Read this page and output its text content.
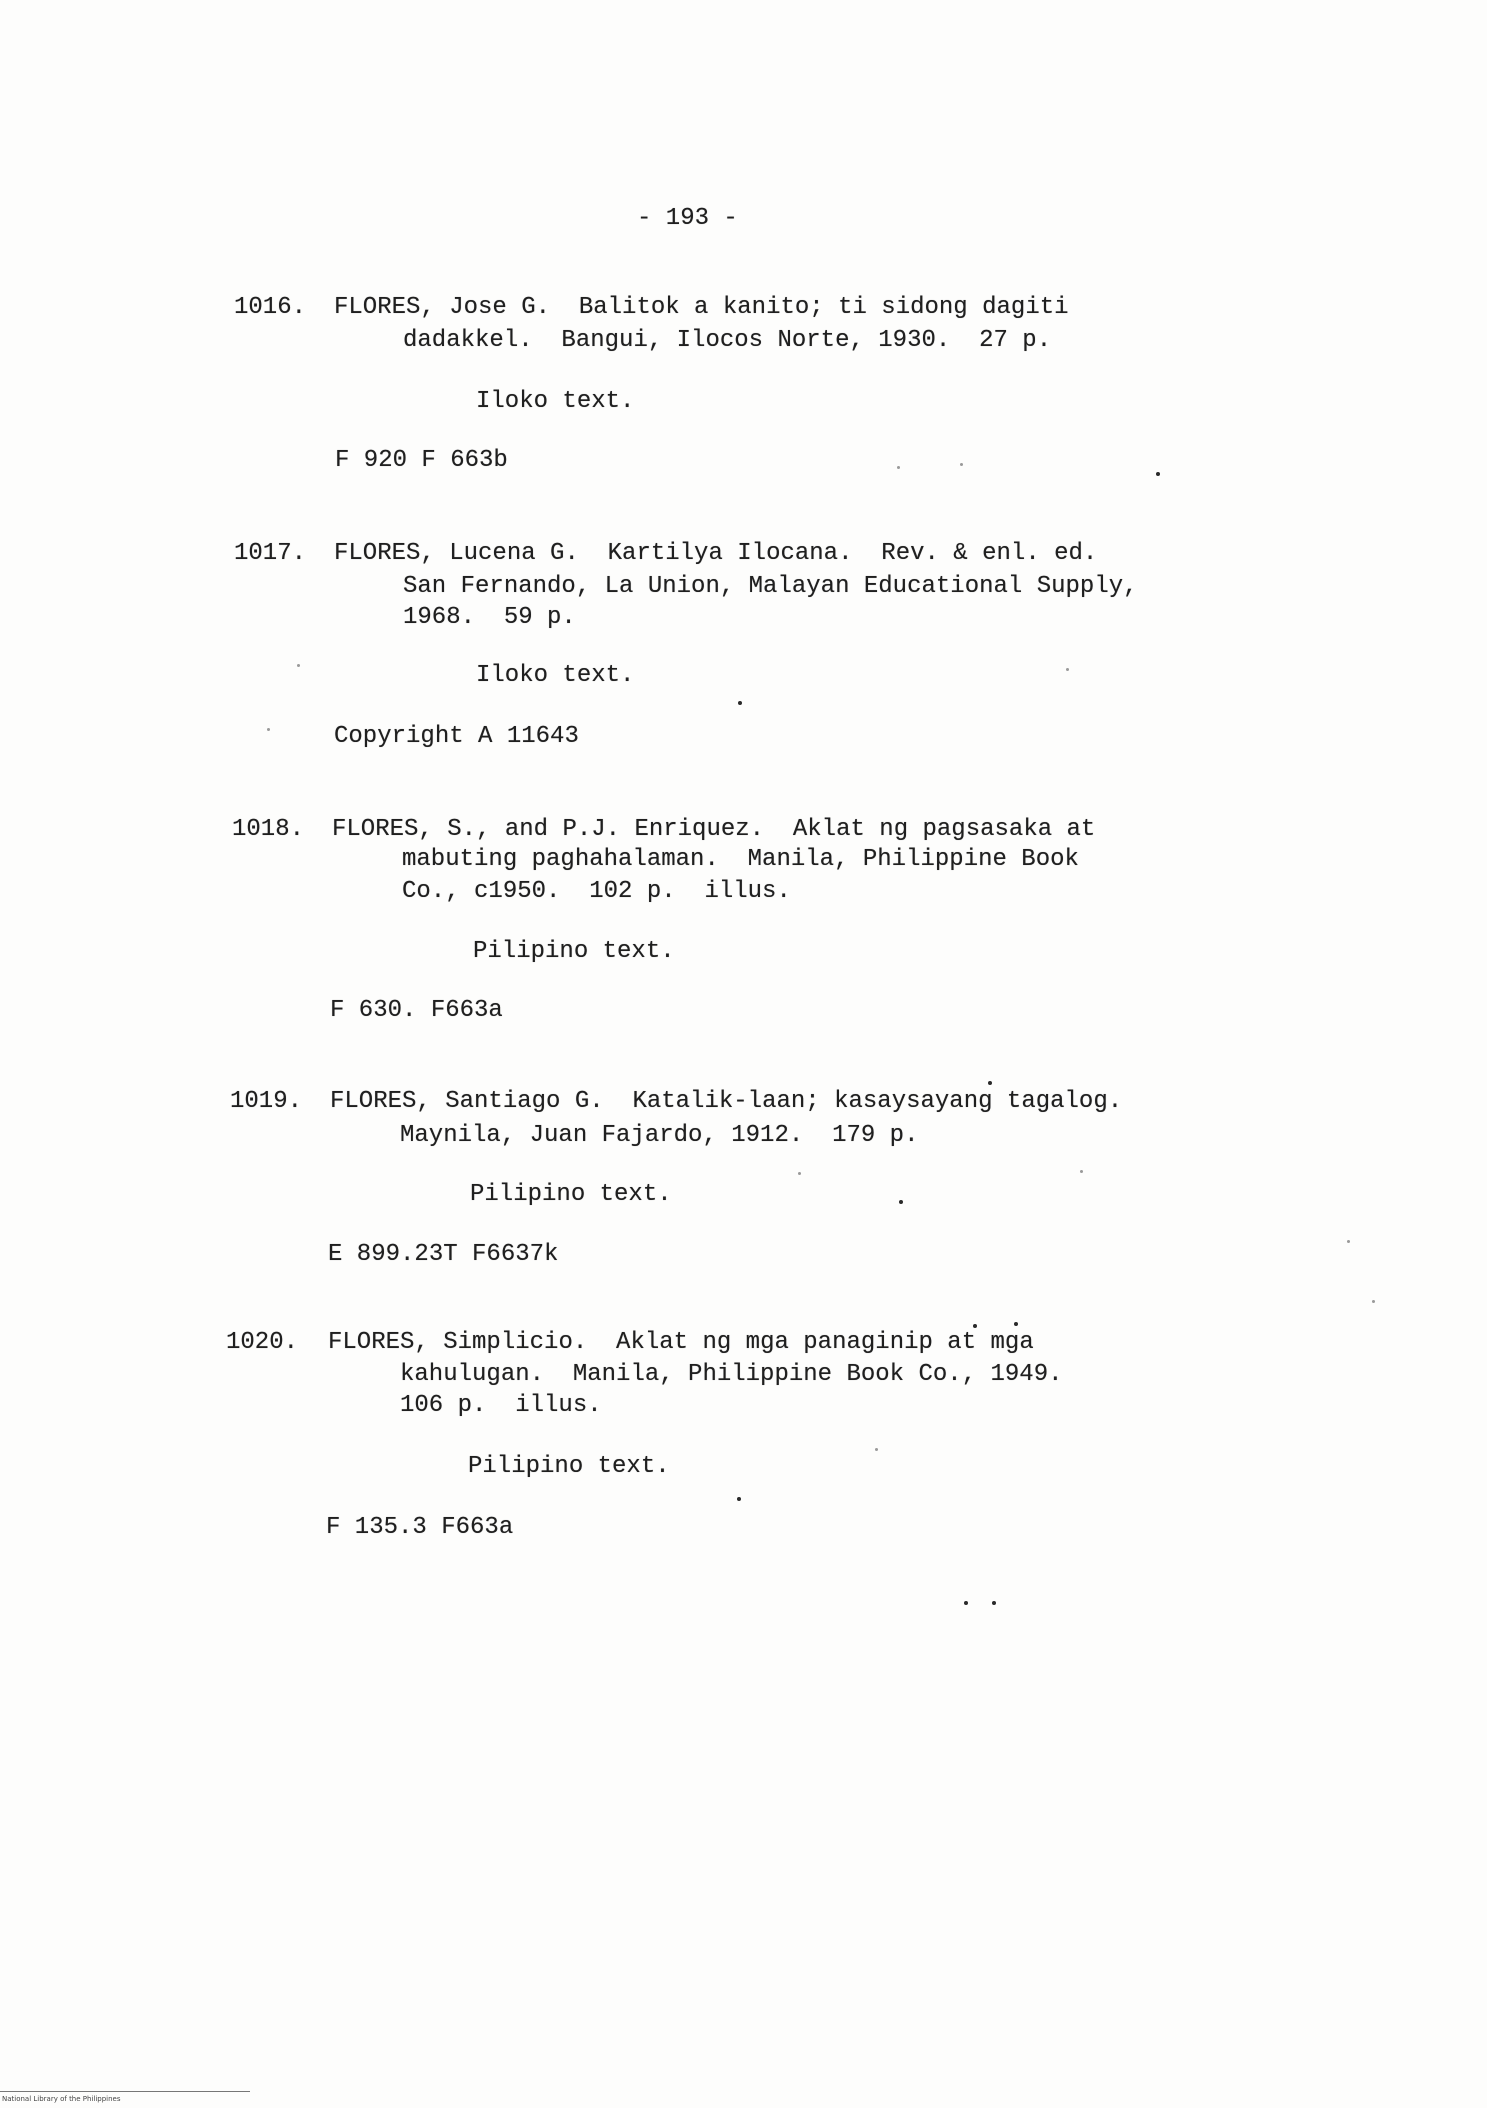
- 193 -
1016. FLORES, Jose G.  Balitok a kanito; ti sidong dagiti
dadakkel.  Bangui, Ilocos Norte, 1930.  27 p.
Iloko text.
F 920 F 663b
1017. FLORES, Lucena G.  Kartilya Ilocana.  Rev. & enl. ed.
San Fernando, La Union, Malayan Educational Supply,
1968.  59 p.
Iloko text.
Copyright A 11643
1018. FLORES, S., and P.J. Enriquez.  Aklat ng pagsasaka at
mabuting paghahalaman.  Manila, Philippine Book
Co., c1950.  102 p.  illus.
Pilipino text.
F 630. F663a
1019. FLORES, Santiago G.  Katalik-laan; kasaysayang tagalog.
Maynila, Juan Fajardo, 1912.  179 p.
Pilipino text.
E 899.23T F6637k
1020. FLORES, Simplicio.  Aklat ng mga panaginip at mga
kahulugan.  Manila, Philippine Book Co., 1949.
106 p.  illus.
Pilipino text.
F 135.3 F663a
National Library of the Philippines
